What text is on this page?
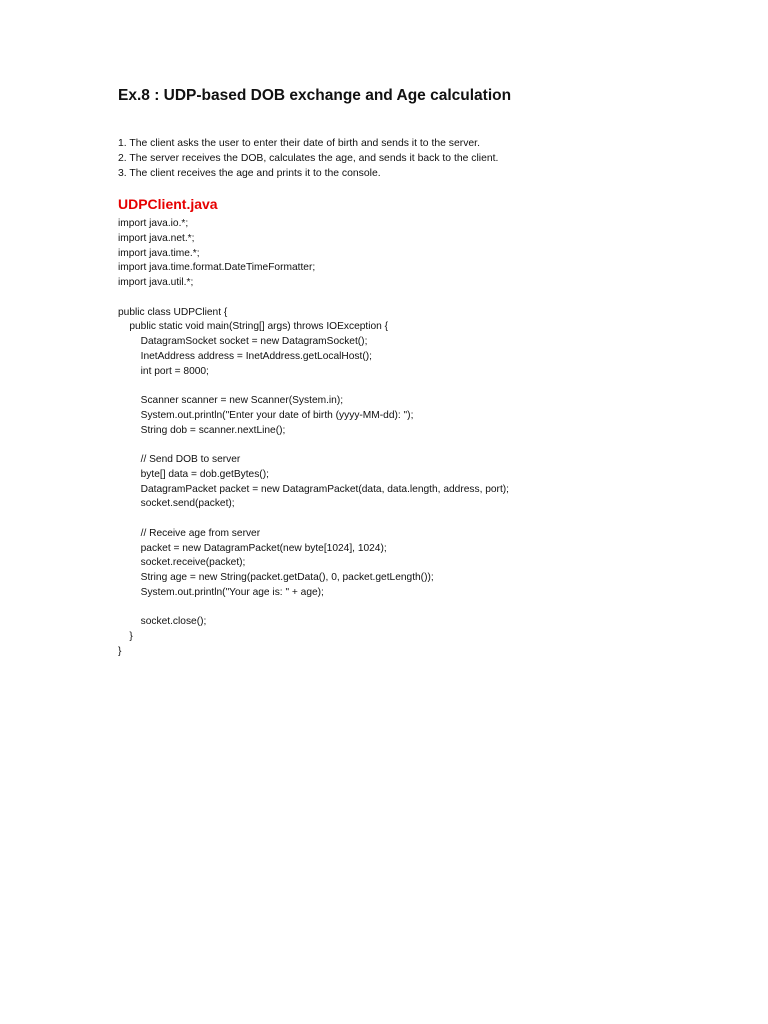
Ex.8 : UDP-based DOB exchange and Age calculation
1. The client asks the user to enter their date of birth and sends it to the server.
2. The server receives the DOB, calculates the age, and sends it back to the client.
3. The client receives the age and prints it to the console.
UDPClient.java
import java.io.*;
import java.net.*;
import java.time.*;
import java.time.format.DateTimeFormatter;
import java.util.*;
public class UDPClient {
public static void main(String[] args) throws IOException {
DatagramSocket socket = new DatagramSocket();
InetAddress address = InetAddress.getLocalHost();
int port = 8000;
Scanner scanner = new Scanner(System.in);
System.out.println("Enter your date of birth (yyyy-MM-dd): ");
String dob = scanner.nextLine();
// Send DOB to server
byte[] data = dob.getBytes();
DatagramPacket packet = new DatagramPacket(data, data.length, address, port);
socket.send(packet);
// Receive age from server
packet = new DatagramPacket(new byte[1024], 1024);
socket.receive(packet);
String age = new String(packet.getData(), 0, packet.getLength());
System.out.println("Your age is: " + age);
socket.close();
}
}
